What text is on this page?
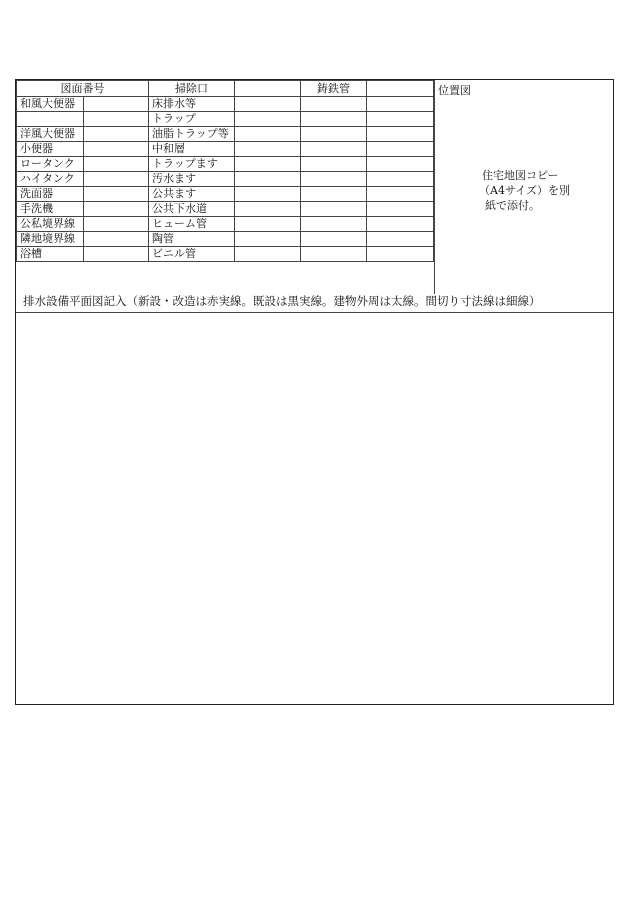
図面番号		掃除口		鋳鉄管	
和風大便器		床排水等			
		トラップ			
洋風大便器		油脂トラップ等			
小便器		中和層			
ロータンク		トラップます			
ハイタンク		汚水ます			
洗面器		公共ます			
手洗機		公共下水道			
公私境界線		ヒューム管			
隣地境界線		陶管			
浴槽		ビニル管			
位置図
住宅地図コピー
（A4サイズ）を別
紙で添付。
排水設備平面図記入（新設・改造は赤実線。既設は黒実線。建物外周は太線。間切り寸法線は細線）
